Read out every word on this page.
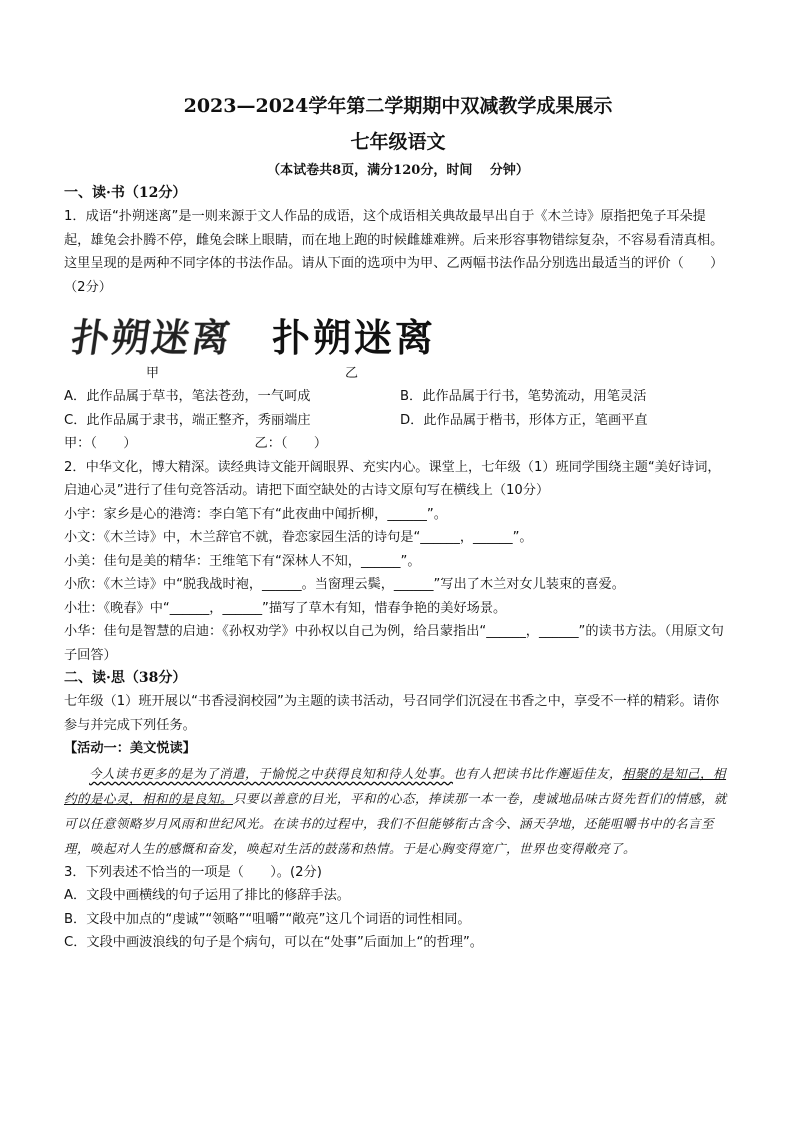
2023—2024学年第二学期期中双减教学成果展示
七年级语文
（本试卷共8页，满分120分，时间　 分钟）
一、读·书（12分）

1．成语“扑朔迷离”是一则来源于文人作品的成语，这个成语相关典故最早出自于《木兰诗》原指把兔子耳朵提起，雄兔会扑腾不停，雌兔会眯上眼睛，而在地上跑的时候雌雄难辨。后来形容事物错综复杂，不容易看清真相。这里呈现的是两种不同字体的书法作品。请从下面的选项中为甲、乙两幅书法作品分别选出最适当的评价（　　）（2分）

扑朔迷离 扑朔迷离
甲	乙

A．此作品属于草书，笔法苍劲，一气呵成	B．此作品属于行书，笔势流动，用笔灵活

C．此作品属于隶书，端正整齐，秀丽端庄	D．此作品属于楷书，形体方正，笔画平直

甲：（　　）	乙：（　　）

2．中华文化，博大精深。读经典诗文能开阔眼界、充实内心。课堂上，七年级（1）班同学围绕主题“美好诗词，启迪心灵”进行了佳句竞答活动。请把下面空缺处的古诗文原句写在横线上（10分）

小宇：家乡是心的港湾：李白笔下有“此夜曲中闻折柳，______”。

小文：《木兰诗》中，木兰辞官不就，眷恋家园生活的诗句是“______，______”。

小美：佳句是美的精华：王维笔下有“深林人不知，______”。

小欣：《木兰诗》中“脱我战时袍，______。当窗理云鬓，______”写出了木兰对女儿装束的喜爱。

小壮：《晚春》中“______，______”描写了草木有知，惜春争艳的美好场景。

小华：佳句是智慧的启迪：《孙权劝学》中孙权以自己为例，给吕蒙指出“______，______”的读书方法。（用原文句子回答）

二、读·思（38分）

七年级（1）班开展以“书香浸润校园”为主题的读书活动，号召同学们沉浸在书香之中，享受不一样的精彩。请你参与并完成下列任务。

【活动一：美文悦读】

今人读书更多的是为了消遣，于愉悦之中获得良知和待人处事。也有人把读书比作邂逅佳友，相聚的是知己，相约的是心灵，相和的是良知。只要以善意的目光，平和的心态，捧读那一本一卷，虔诚地品味古贤先哲们的情感，就可以任意领略岁月风雨和世纪风光。在读书的过程中，我们不但能够衔古含今、涵天孕地，还能咀嚼书中的名言至理，唤起对人生的感慨和奋发，唤起对生活的鼓荡和热情。于是心胸变得宽广，世界也变得敞亮了。

3．下列表述不恰当的一项是（　　）。(2分)

A．文段中画横线的句子运用了排比的修辞手法。

B．文段中加点的“虔诚”“领略”“咀嚼”“敞亮”这几个词语的词性相同。

C．文段中画波浪线的句子是个病句，可以在“处事”后面加上“的哲理”。
